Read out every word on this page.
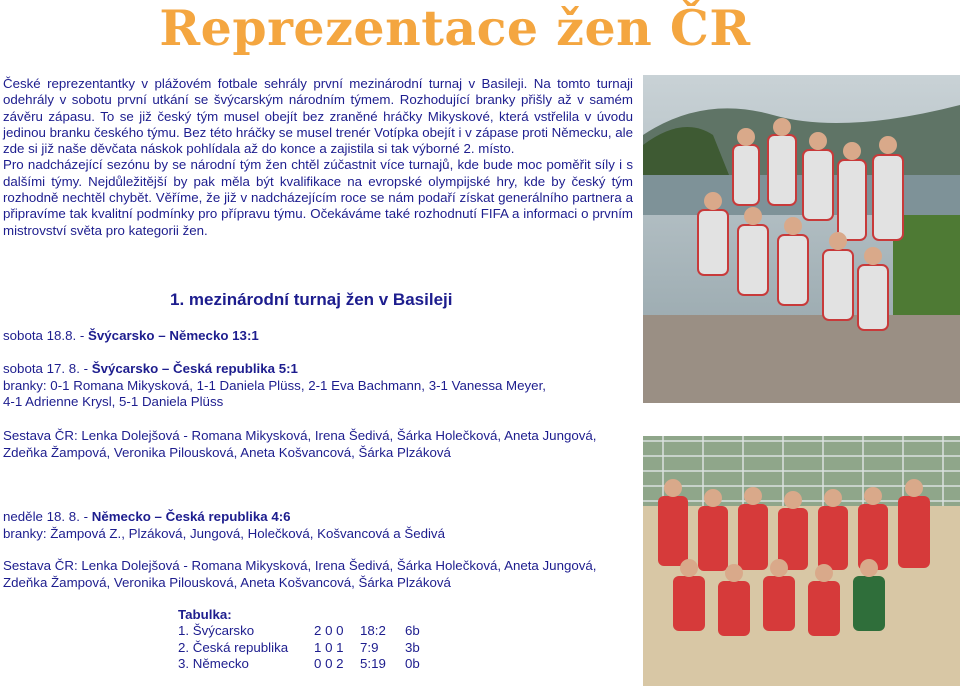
Reprezentace žen ČR

České reprezentantky v plážovém fotbale sehrály první mezinárodní turnaj v Basileji. Na tomto turnaji odehrály v sobotu první utkání se švýcarským národním týmem. Rozhodující branky přišly až v samém závěru zápasu. To se již český tým musel obejít bez zraněné hráčky Mikyskové, která vstřelila v úvodu jedinou branku českého týmu. Bez této hráčky se musel trenér Votípka obejít i v zápase proti Německu, ale zde si již naše děvčata náskok pohlídala až do konce a zajistila si tak výborné 2. místo.

Pro nadcházející sezónu by se národní tým žen chtěl zúčastnit více turnajů, kde bude moc poměřit síly i s dalšími týmy. Nejdůležitější by pak měla být kvalifikace na evropské olympijské hry, kde by český tým rozhodně nechtěl chybět. Věříme, že již v nadcházejícím roce se nám podaří získat generálního partnera a připravíme tak kvalitní podmínky pro přípravu týmu. Očekáváme také rozhodnutí FIFA a informaci o prvním mistrovství světa pro kategorii žen.

1. mezinárodní turnaj žen v Basileji
sobota 18.8. - Švýcarsko – Německo 13:1
sobota 17. 8. - Švýcarsko – Česká republika 5:1
branky: 0-1 Romana Mikysková, 1-1 Daniela Plüss, 2-1 Eva Bachmann, 3-1 Vanessa Meyer,
4-1 Adrienne Krysl, 5-1 Daniela Plüss
Sestava ČR: Lenka Dolejšová - Romana Mikysková, Irena Šedivá, Šárka Holečková, Aneta Jungová,
Zdeňka Žampová, Veronika Pilousková, Aneta Košvancová, Šárka Plzáková
neděle 18. 8. - Německo – Česká republika 4:6
branky: Žampová Z., Plzáková, Jungová, Holečková, Košvancová a Šedivá
Sestava ČR: Lenka Dolejšová - Romana Mikysková, Irena Šedivá, Šárka Holečková, Aneta Jungová,
Zdeňka Žampová, Veronika Pilousková, Aneta Košvancová, Šárka Plzáková
Tabulka:
1. Švýcarsko	2 0 0 18:2 6b
2. Česká republika 1 0 1 7:9 3b
3. Německo	0 0 2 5:19 0b
